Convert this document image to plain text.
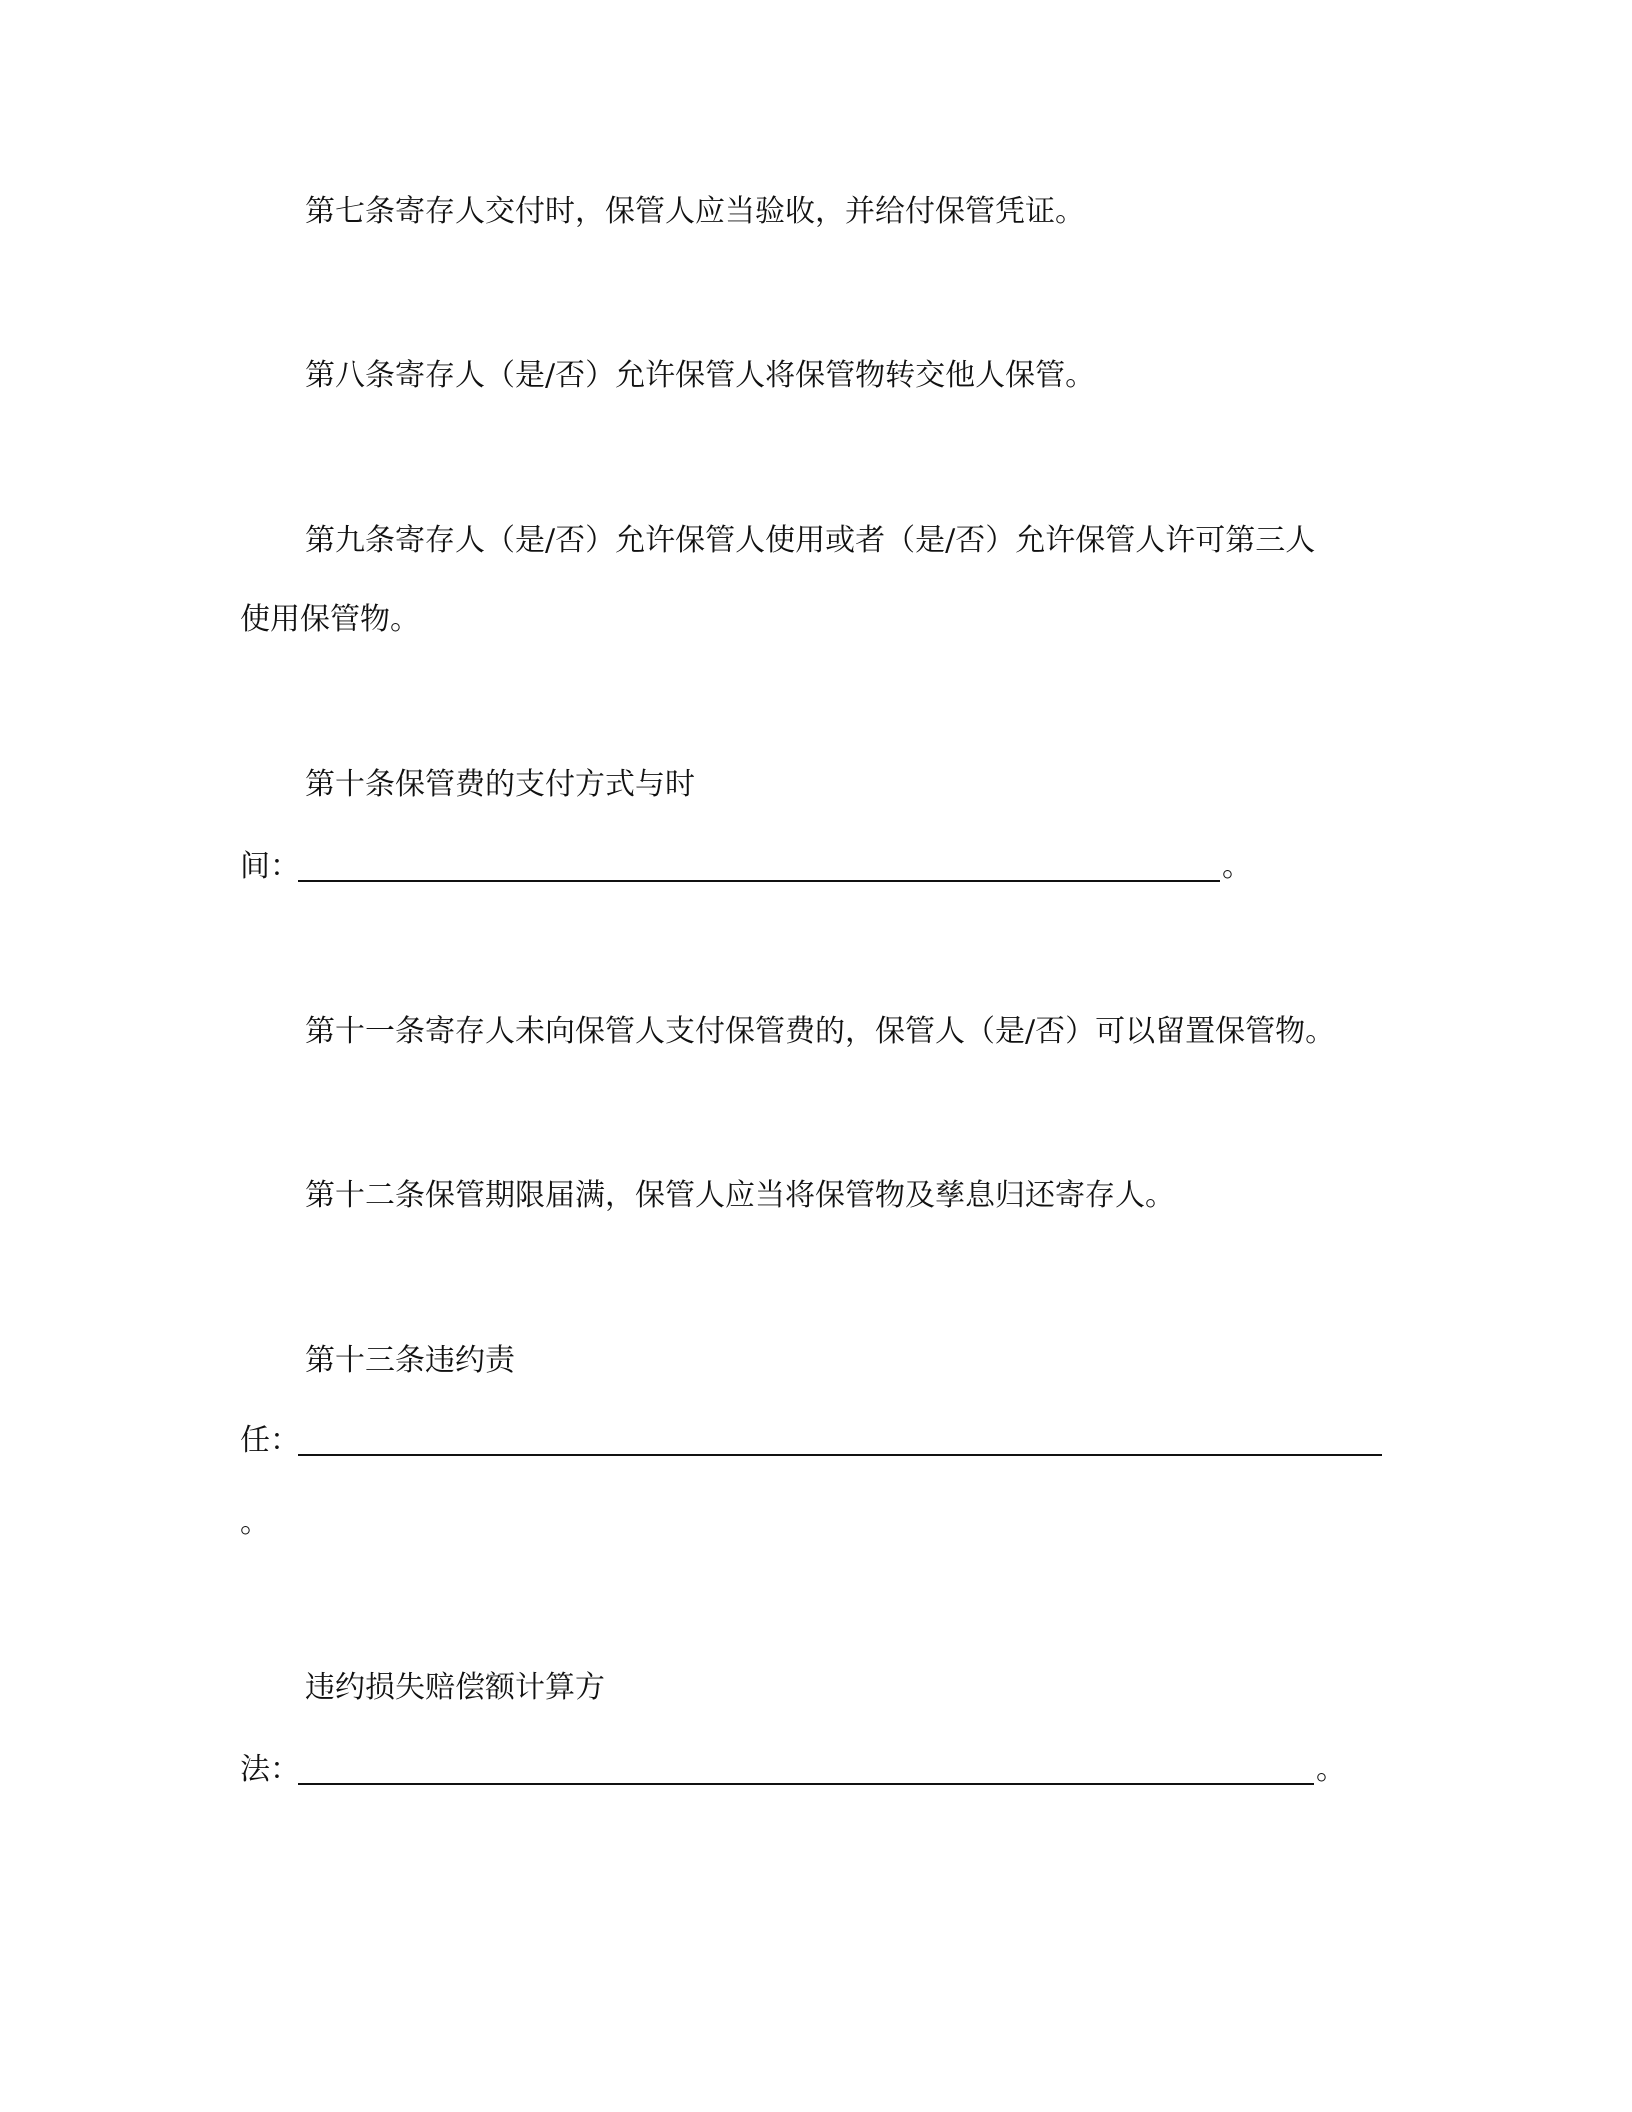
第七条寄存人交付时，保管人应当验收，并给付保管凭证。
第八条寄存人（是/否）允许保管人将保管物转交他人保管。
第九条寄存人（是/否）允许保管人使用或者（是/否）允许保管人许可第三人
使用保管物。
第十条保管费的支付方式与时
间：	。
第十一条寄存人未向保管人支付保管费的，保管人（是/否）可以留置保管物。
第十二条保管期限届满，保管人应当将保管物及孳息归还寄存人。
第十三条违约责
任：
。
违约损失赔偿额计算方
法：	。
